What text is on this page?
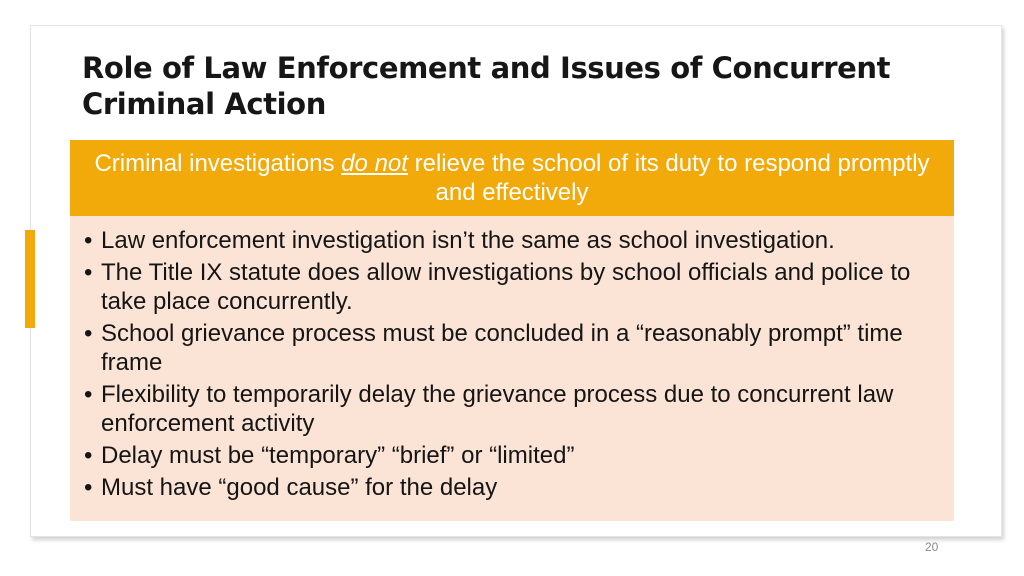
Role of Law Enforcement and Issues of Concurrent Criminal Action
Criminal investigations do not relieve the school of its duty to respond promptly and effectively
• Law enforcement investigation isn’t the same as school investigation.
• The Title IX statute does allow investigations by school officials and police to take place concurrently.
• School grievance process must be concluded in a “reasonably prompt” time frame
• Flexibility to temporarily delay the grievance process due to concurrent law enforcement activity
• Delay must be “temporary” “brief” or “limited”
• Must have “good cause” for the delay
20
